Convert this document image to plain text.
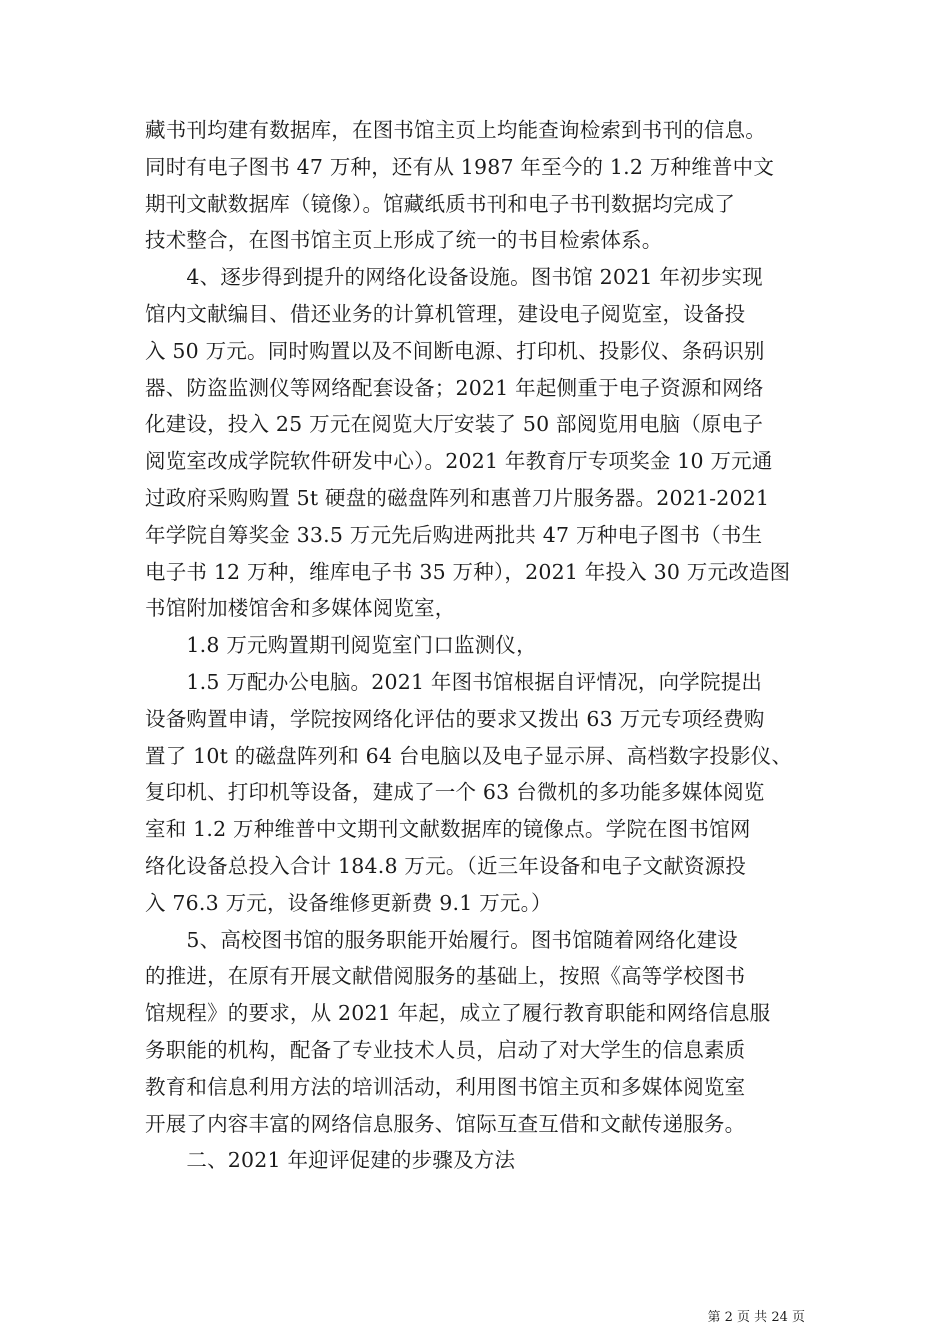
藏书刊均建有数据库，在图书馆主页上均能查询检索到书刊的信息。
同时有电子图书 47 万种，还有从 1987 年至今的 1.2 万种维普中文
期刊文献数据库（镜像）。馆藏纸质书刊和电子书刊数据均完成了
技术整合，在图书馆主页上形成了统一的书目检索体系。
　　4、逐步得到提升的网络化设备设施。图书馆 2021 年初步实现
馆内文献编目、借还业务的计算机管理，建设电子阅览室，设备投
入 50 万元。同时购置以及不间断电源、打印机、投影仪、条码识别
器、防盗监测仪等网络配套设备；2021 年起侧重于电子资源和网络
化建设，投入 25 万元在阅览大厅安装了 50 部阅览用电脑（原电子
阅览室改成学院软件研发中心）。2021 年教育厅专项奖金 10 万元通
过政府采购购置 5t 硬盘的磁盘阵列和惠普刀片服务器。2021-2021
年学院自筹奖金 33.5 万元先后购进两批共 47 万种电子图书（书生
电子书 12 万种，维库电子书 35 万种），2021 年投入 30 万元改造图
书馆附加楼馆舍和多媒体阅览室，
　　1.8 万元购置期刊阅览室门口监测仪，
　　1.5 万配办公电脑。2021 年图书馆根据自评情况，向学院提出
设备购置申请，学院按网络化评估的要求又拨出 63 万元专项经费购
置了 10t 的磁盘阵列和 64 台电脑以及电子显示屏、高档数字投影仪、
复印机、打印机等设备，建成了一个 63 台微机的多功能多媒体阅览
室和 1.2 万种维普中文期刊文献数据库的镜像点。学院在图书馆网
络化设备总投入合计 184.8 万元。（近三年设备和电子文献资源投
入 76.3 万元，设备维修更新费 9.1 万元。）
　　5、高校图书馆的服务职能开始履行。图书馆随着网络化建设
的推进，在原有开展文献借阅服务的基础上，按照《高等学校图书
馆规程》的要求，从 2021 年起，成立了履行教育职能和网络信息服
务职能的机构，配备了专业技术人员，启动了对大学生的信息素质
教育和信息利用方法的培训活动，利用图书馆主页和多媒体阅览室
开展了内容丰富的网络信息服务、馆际互查互借和文献传递服务。
　　二、2021 年迎评促建的步骤及方法
第 2 页 共 24 页
